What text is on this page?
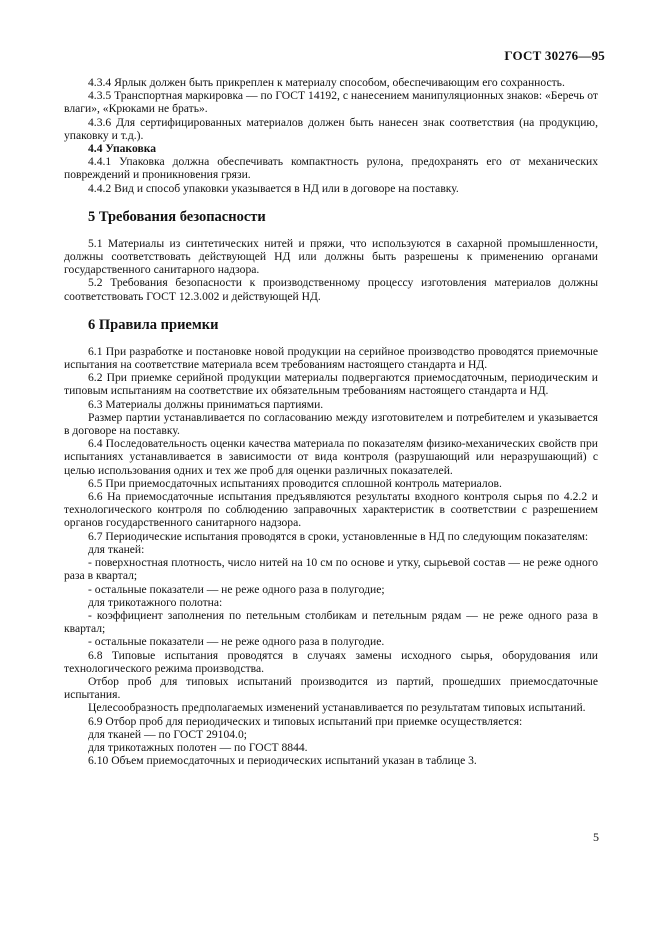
ГОСТ 30276—95

4.3.4 Ярлык должен быть прикреплен к материалу способом, обеспечивающим его сохранность.

4.3.5 Транспортная маркировка — по ГОСТ 14192, с нанесением манипуляционных знаков: «Беречь от влаги», «Крюками не брать».

4.3.6 Для сертифицированных материалов должен быть нанесен знак соответствия (на продукцию, упаковку и т.д.).

4.4 Упаковка

4.4.1 Упаковка должна обеспечивать компактность рулона, предохранять его от механических повреждений и проникновения грязи.

4.4.2 Вид и способ упаковки указывается в НД или в договоре на поставку.

5 Требования безопасности

5.1 Материалы из синтетических нитей и пряжи, что используются в сахарной промышленности, должны соответствовать действующей НД или должны быть разрешены к применению органами государственного санитарного надзора.

5.2 Требования безопасности к производственному процессу изготовления материалов должны соответствовать ГОСТ 12.3.002 и действующей НД.

6 Правила приемки

6.1 При разработке и постановке новой продукции на серийное производство проводятся приемочные испытания на соответствие материала всем требованиям настоящего стандарта и НД.

6.2 При приемке серийной продукции материалы подвергаются приемосдаточным, периодическим и типовым испытаниям на соответствие их обязательным требованиям настоящего стандарта и НД.

6.3 Материалы должны приниматься партиями.

Размер партии устанавливается по согласованию между изготовителем и потребителем и указывается в договоре на поставку.

6.4 Последовательность оценки качества материала по показателям физико-механических свойств при испытаниях устанавливается в зависимости от вида контроля (разрушающий или неразрушающий) с целью использования одних и тех же проб для оценки различных показателей.

6.5 При приемосдаточных испытаниях проводится сплошной контроль материалов.

6.6 На приемосдаточные испытания предъявляются результаты входного контроля сырья по 4.2.2 и технологического контроля по соблюдению заправочных характеристик в соответствии с разрешением органов государственного санитарного надзора.

6.7 Периодические испытания проводятся в сроки, установленные в НД по следующим показателям:

для тканей:

- поверхностная плотность, число нитей на 10 см по основе и утку, сырьевой состав — не реже одного раза в квартал;

- остальные показатели — не реже одного раза в полугодие;

для трикотажного полотна:

- коэффициент заполнения по петельным столбикам и петельным рядам — не реже одного раза в квартал;

- остальные показатели — не реже одного раза в полугодие.

6.8 Типовые испытания проводятся в случаях замены исходного сырья, оборудования или технологического режима производства.

Отбор проб для типовых испытаний производится из партий, прошедших приемосдаточные испытания.

Целесообразность предполагаемых изменений устанавливается по результатам типовых испытаний.

6.9 Отбор проб для периодических и типовых испытаний при приемке осуществляется:

для тканей — по ГОСТ 29104.0;

для трикотажных полотен — по ГОСТ 8844.

6.10 Объем приемосдаточных и периодических испытаний указан в таблице 3.

5
